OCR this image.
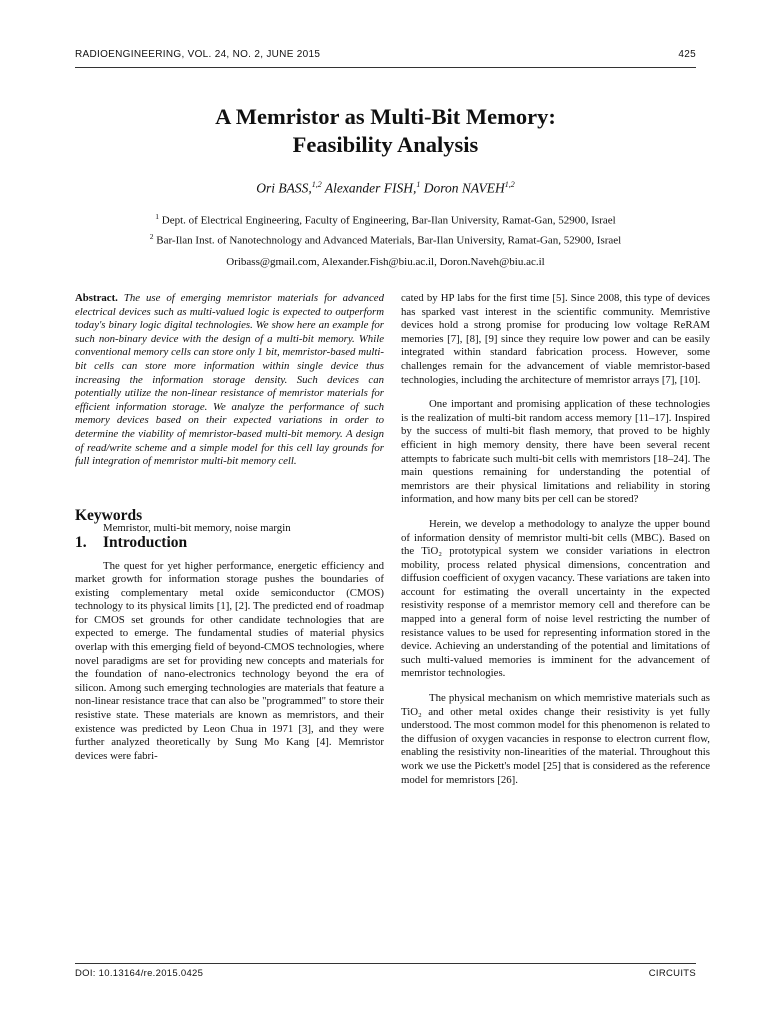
RADIOENGINEERING, VOL. 24, NO. 2, JUNE 2015	425
A Memristor as Multi-Bit Memory:
Feasibility Analysis
Ori BASS,$^{1,2}$ Alexander FISH,$^1$ Doron NAVEH$^{1,2}$
$^1$ Dept. of Electrical Engineering, Faculty of Engineering, Bar-Ilan University, Ramat-Gan, 52900, Israel
$^2$ Bar-Ilan Inst. of Nanotechnology and Advanced Materials, Bar-Ilan University, Ramat-Gan, 52900, Israel
Oribass@gmail.com, Alexander.Fish@biu.ac.il, Doron.Naveh@biu.ac.il

Abstract. The use of emerging memristor materials for advanced electrical devices such as multi-valued logic is expected to outperform today's binary logic digital technologies. We show here an example for such non-binary device with the design of a multi-bit memory. While conventional memory cells can store only 1 bit, memristor-based multi-bit cells can store more information within single device thus increasing the information storage density. Such devices can potentially utilize the non-linear resistance of memristor materials for efficient information storage. We analyze the performance of such memory devices based on their expected variations in order to determine the viability of memristor-based multi-bit memory. A design of read/write scheme and a simple model for this cell lay grounds for full integration of memristor multi-bit memory cell.

Keywords

Memristor, multi-bit memory, noise margin

1. Introduction

The quest for yet higher performance, energetic efficiency and market growth for information storage pushes the boundaries of existing complementary metal oxide semiconductor (CMOS) technology to its physical limits [1], [2]. The predicted end of roadmap for CMOS set grounds for other candidate technologies that are expected to emerge. The fundamental studies of material physics overlap with this emerging field of beyond-CMOS technologies, where novel paradigms are set for providing new concepts and materials for the foundation of nano-electronics technology beyond the era of silicon. Among such emerging technologies are materials that feature a non-linear resistance trace that can also be "programmed" to store their resistive state. These materials are known as memristors, and their existence was predicted by Leon Chua in 1971 [3], and they were further analyzed theoretically by Sung Mo Kang [4]. Memristor devices were fabri-

cated by HP labs for the first time [5]. Since 2008, this type of devices has sparked vast interest in the scientific community. Memristive devices hold a strong promise for producing low voltage ReRAM memories [7], [8], [9] since they require low power and can be easily integrated within standard fabrication process. However, some challenges remain for the advancement of viable memristor-based technologies, including the architecture of memristor arrays [7], [10].

One important and promising application of these technologies is the realization of multi-bit random access memory [11–17]. Inspired by the success of multi-bit flash memory, that proved to be highly efficient in high memory density, there have been several recent attempts to fabricate such multi-bit cells with memristors [18–24]. The main questions remaining for understanding the potential of memristors are their physical limitations and reliability in storing information, and how many bits per cell can be stored?

Herein, we develop a methodology to analyze the upper bound of information density of memristor multi-bit cells (MBC). Based on the TiO₂ prototypical system we consider variations in electron mobility, process related physical dimensions, concentration and diffusion coefficient of oxygen vacancy. These variations are taken into account for estimating the overall uncertainty in the expected resistivity response of a memristor memory cell and therefore can be mapped into a general form of noise level restricting the number of resistance values to be used for representing information stored in the device. Achieving an understanding of the potential and limitations of such multi-valued memories is imminent for the advancement of memristor technologies.

The physical mechanism on which memristive materials such as TiO₂ and other metal oxides change their resistivity is yet fully understood. The most common model for this phenomenon is related to the diffusion of oxygen vacancies in response to electron current flow, enabling the resistivity non-linearities of the material. Throughout this work we use the Pickett's model [25] that is considered as the reference model for memristors [26].

DOI: 10.13164/re.2015.0425	CIRCUITS
